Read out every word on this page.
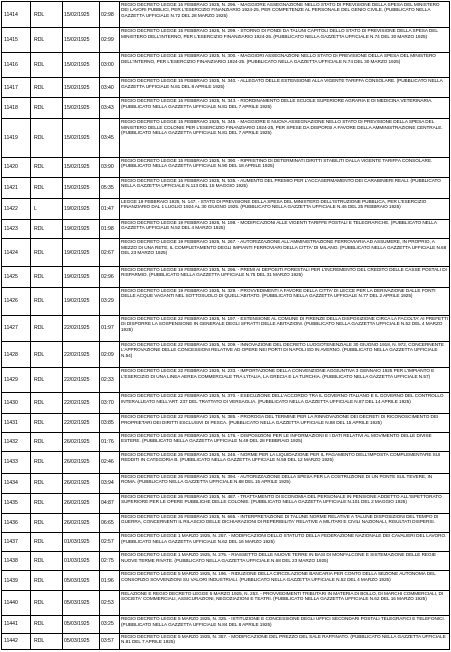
11414	RDL	15/02/1925	02:98	REGIO DECRETO LEGGE 15 FEBBRAIO 1925, N. 296. - MAGGIORE ASSEGNAZIONE NELLO STATO DI PREVISIONE DELLA SPESA DEL MINISTERO DEI LAVORI PUBBLICI, PER L'ESERCIZIO FINANZIARIO 1924-25, PER COMPETENZE AL PERSONALE DEL GENIO CIVILE. (PUBBLICATO NELLA GAZZETTA UFFICIALE N.72 DEL 28 MARZO 1925)
11415	RDL	15/02/1925	02:99	REGIO DECRETO LEGGE 15 FEBBRAIO 1925, N. 299. - STORNO DI FONDI DA TALUNI CAPITOLI DELLO STATO DI PREVISIONE DELLA SPESA DEL MINISTERO DELL'INTERNO, PER L'ESERCIZIO FINANZIARIO 1924-25. (PUBBLICATO NELLA GAZZETTA UFFICIALE N.74 DEL 30 MARZO 1925)
11416	RDL	15/02/1925	03:00	REGIO DECRETO LEGGE 15 FEBBRAIO 1925, N. 300. - MAGGIORI ASSEGNAZIONI NELLO STATO DI PREVISIONE DELLA SPESA DEL MINISTERO DELL'INTERNO, PER L'ESERCIZIO FINANZIARIO 1924-25. (PUBBLICATO NELLA GAZZETTA UFFICIALE N.74 DEL 30 MARZO 1925)
11417	RDL	15/02/1925	03:40	REGIO DECRETO LEGGE 15 FEBBRAIO 1925, N. 340. - ALLEGATO DELLE ESTENSIONE ALLA VIGENTE TARIFFA CONSOLARE. (PUBBLICATO NELLA GAZZETTA UFFICIALE N.81 DEL 8 APRILE 1925)
11418	RDL	15/02/1925	03:43	REGIO DECRETO LEGGE 15 FEBBRAIO 1925, N. 343. - RIORDINAMENTO DELLE SCUOLE SUPERIORE AGRARIA E DI MEDICINA VETERINARIA. (PUBBLICATO NELLA GAZZETTA UFFICIALE N.81 DEL 7 APRILE 1925)
11419	RDL	15/02/1925	03:45	REGIO DECRETO LEGGE 15 FEBBRAIO 1925, N. 345. - MAGGIORE E NUOVA ASSEGNAZIONE NELLO STATO DI PREVISIONE DELLA SPESA DEL MINISTERO DELLE COLONIE PER L'ESERCIZIO FINANZIARIO 1924-25, PER SPESE DA DISPORSI A FAVORE DELLA AMMINISTRAZIONE CENTRALE. (PUBBLICATO NELLA GAZZETTA UFFICIALE N.81 DEL 7 APRILE 1925)
11420	RDL	15/02/1925	03:90	REGIO DECRETO LEGGE 15 FEBBRAIO 1925, N. 390. - RIPRISTINO DI DETERMINATI DIRITTI STABILITI DALLA VIGENTE TARIFFA CONSOLARE. (PUBBLICATO NELLA GAZZETTA UFFICIALE N.90 DEL 18 APRILE 1925)
11421	RDL	15/02/1925	05:35	REGIO DECRETO LEGGE 15 FEBBRAIO 1925, N. 535. - AUMENTO DEL PREMIO PER L'ACCASERMAMENTO DEI CARABINIERI REALI. (PUBBLICATO NELLA GAZZETTA UFFICIALE N.113 DEL 15 MAGGIO 1925)
11422	L	19/02/1925	01:47	LEGGE 19 FEBBRAIO 1925, N. 147. - STATO DI PREVISIONE DELLA SPESA DEL MINISTERO DELL'ISTRUZIONE PUBBLICA, PER L'ESERCIZIO FINANZIARIO DAL 1 LUGLIO 1924 AL 30 GIUGNO 1925. (PUBBLICATO NELLA GAZZETTA UFFICIALE N.46 DEL 25 FEBBRAIO 1925)
11423	RDL	19/02/1925	01:98	REGIO DECRETO LEGGE 19 FEBBRAIO 1925, N. 198. - MODIFICAZIONI ALLE VIGENTI TARIFFE POSTALI E TELEGRAFICHE. (PUBBLICATO NELLA GAZZETTA UFFICIALE N.52 DEL 4 MARZO 1925)
11424	RDL	19/02/1925	02:67	REGIO DECRETO LEGGE 19 FEBBRAIO 1925, N. 267. - AUTORIZZAZIONE ALL'AMMINISTRAZIONE FERROVIARIA AD ASSUMERE, IN PROPRIO, A MEZZO DI UNA RETE, IL COMPLETAMENTO DEGLI IMPIANTI FERROVIARI DELLA CITTA' DI MILANO. (PUBBLICATO NELLA GAZZETTA UFFICIALE N.68 DEL 23 MARZO 1925)
11425	RDL	19/02/1925	02:96	REGIO DECRETO LEGGE 19 FEBBRAIO 1925, N. 296. - PREMI AI DEPOSITI FORESTALI PER L'INCREMENTO DEL CREDITO DELLE CASSE POSTALI DI RISPARMIO. (PUBBLICATO NELLA GAZZETTA UFFICIALE N.75 DEL 31 MARZO 1925)
11426	RDL	19/02/1925	03:29	REGIO DECRETO LEGGE 19 FEBBRAIO 1925, N. 329. - PROVVEDIMENTI A FAVORE DELLA CITTA' DI LECCE PER LA DERIVAZIONE DALLE FONTI DELLE ACQUE VAGANTI NEL SOTTOSUOLO DI QUELL'ABITATO. (PUBBLICATO NELLA GAZZETTA UFFICIALE N.77 DEL 2 APRILE 1925)
11427	RDL	22/02/1925	01:97	REGIO DECRETO LEGGE 22 FEBBRAIO 1925, N. 197. - ESTENSIONE AL COMUNE DI FIRENZE DELLA DISPOSIZIONE CIRCA LA FACOLTA' AI PREFETTI DI DISPORRE LA SOSPENSIONE IN GENERALE DEGLI SFRATTI DELLE ABITAZIONI. (PUBBLICATO NELLA GAZZETTA UFFICIALE N.52 DEL 4 MARZO 1925)
11428	RDL	22/02/1925	02:09	REGIO DECRETO LEGGE 22 FEBBRAIO 1925, N. 209. - INNOVAZIONE DEL DECRETO LUOGOTENENZIALE 30 GIUGNO 1918, N. 972, CONCERNENTE L'APPROVAZIONE DELLE CONCESSIONI RELATIVE AD OPERE NEI PORTI DI NAPOLI ED IN AVERNO. (PUBBLICATO NELLA GAZZETTA UFFICIALE N.54)
11429	RDL	22/02/1925	02:33	REGIO DECRETO LEGGE 22 FEBBRAIO 1925, N. 233. - IMPORTAZIONE DELLA CONVENZIONE AGGIUNTIVA 3 GENNAIO 1925 PER L'IMPIANTO E L'ESERCIZIO DI UNA LINEA AEREA COMMERCIALE TRA L'ITALIA, LA GRECIA E LA TURCHIA. (PUBBLICATO NELLA GAZZETTA UFFICIALE N.57)
11430	RDL	22/02/1925	03:70	REGIO DECRETO LEGGE 22 FEBBRAIO 1925, N. 370. - ESECUZIONE DELL'ACCORDO TRA IL GOVERNO ITALIANO E IL GOVERNO DEL CONTROLLO INTERALLEATO NELL'ART. 237 DEL TRATTATO DI VERSAGLIA. (PUBBLICATO NELLA GAZZETTA UFFICIALE N.87 DEL 14 APRILE 1925)
11431	RDL	22/02/1925	03:85	REGIO DECRETO LEGGE 22 FEBBRAIO 1925, N. 385. - PROROGA DEL TERMINE PER LA RINNOVAZIONE DEI DECRETI DI RICONOSCIMENTO DEI PROPRIETARI DEI DIRITTI ESCLUSIVI DI PESCA. (PUBBLICATO NELLA GAZZETTA UFFICIALE N.88 DEL 15 APRILE 1925)
11432	RDL	26/02/1925	01:76	REGIO DECRETO LEGGE 26 FEBBRAIO 1925, N. 176. - DISPOSIZIONI PER LE INFORMAZIONI E I DATI RELATIVI AL MOVIMENTO DELLE DIVISE ESTERE. (PUBBLICATO NELLA GAZZETTA UFFICIALE N.49 DEL 28 FEBBRAIO 1925)
11433	RDL	26/02/1925	02:46	REGIO DECRETO LEGGE 26 FEBBRAIO 1925, N. 246. - NORME PER LA LIQUIDAZIONE PER IL PAGAMENTO DELL'IMPOSTA COMPLEMENTARE SUI REDDITI IN CATEGORIA B. (PUBBLICATO NELLA GAZZETTA UFFICIALE N.59 DEL 12 MARZO 1925)
11434	RDL	26/02/1925	03:94	REGIO DECRETO LEGGE 26 FEBBRAIO 1925, N. 394. - AUTORIZZAZIONE DELLA SPESA PER LA COSTRUZIONE DI UN PONTE SUL TEVERE, IN ROMA. (PUBBLICATO NELLA GAZZETTA UFFICIALE N.88 DEL 15 APRILE 1925)
11435	RDL	26/02/1925	04:87	REGIO DECRETO LEGGE 26 FEBBRAIO 1925, N. 487. - TRATTAMENTO DI ECONOMIA DEL PERSONALE IN PENSIONE ADDETTO ALL'ISPETTORATO SUPERIORE PER LE OPERE PUBBLICHE DELLE COLONIE. (PUBBLICATO NELLA GAZZETTA UFFICIALE N.101 DEL 2 MAGGIO 1925)
11436	RDL	26/02/1925	06:65	REGIO DECRETO LEGGE 26 FEBBRAIO 1925, N. 665. - INTERPRETAZIONE DI TALUNE NORME RELATIVE A TALUNE DISPOSIZIONI DEL TEMPO DI GUERRA, CONCERNENTI IL RILASCIO DELLE DICHIARAZIONI DI REPERIBILITA' RELATIVE A MILITARI E CIVILI NAZIONALI, RISULTATI DISPERSI.
11437	RDL	01/03/1925	02:57	REGIO DECRETO LEGGE 1 MARZO 1925, N. 257. - MODIFICAZIONI DELLO STATUTO DELLA FEDERAZIONE NAZIONALE DEI CAVALIERI DEL LAVORO. (PUBBLICATO NELLA GAZZETTA UFFICIALE N.62 DEL 16 MARZO 1925)
11438	RDL	01/03/1925	02:75	REGIO DECRETO LEGGE 1 MARZO 1925, N. 275. - RIASSETTO DELLE NUOVE TERRE IN BASI DI MONFALCONE E SISTEMAZIONE DELLE REGIE NUOVE TERME RIVATE. (PUBBLICATO NELLA GAZZETTA UFFICIALE N.68 DEL 23 MARZO 1925)
11439	RDL	05/03/1925	01:96	REGIO DECRETO LEGGE 5 MARZO 1925, N. 196. - RIDUZIONE DELLA CIRCOLAZIONE BANCARIA PER CONTO DELLA SEZIONE AUTONOMA DEL CONSORZIO SOVVENZIONI SU VALORI INDUSTRIALI. (PUBBLICATO NELLA GAZZETTA UFFICIALE N.52 DEL 4 MARZO 1925)
11440	RDL	05/03/1925	02:53	RELAZIONE E REGIO DECRETO LEGGE 5 MARZO 1925, N. 253. - PROVVEDIMENTI TRIBUTARI IN MATERIA DI BOLLO, DI MARCHI COMMERCIALI, DI SOCIETA' COMMERCIALI, ASSICURAZIONI, NEGOZIAZIONI E TEATRI. (PUBBLICATO NELLA GAZZETTA UFFICIALE N.62 DEL 16 MARZO 1925)
11441	RDL	05/03/1925	03:25	REGIO DECRETO LEGGE 5 MARZO 1925, N. 325. - ISTITUZIONE E CONCESSIONE DEGLI UFFICI SECONDARI POSTALI TELEGRAFICI E TELEFONICI. (PUBBLICATO NELLA GAZZETTA UFFICIALE N.84 DEL 8 APRILE 1925)
11442	RDL	05/03/1925	03:57	REGIO DECRETO LEGGE 5 MARZO 1925, N. 357. - MODIFICAZIONE DEL PREZZO DEL SALE RAFFINATO. (PUBBLICATO NELLA GAZZETTA UFFICIALE N.81 DEL 7 APRILE 1925)
